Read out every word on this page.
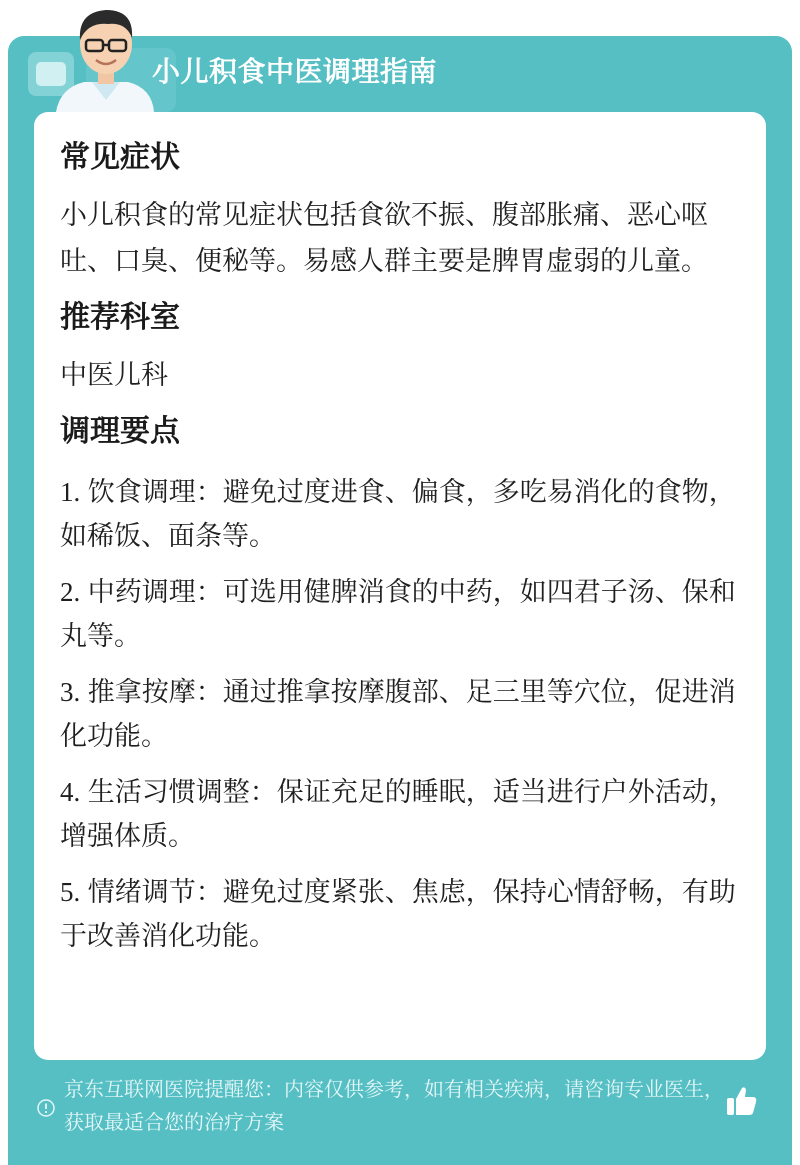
小儿积食中医调理指南
常见症状

小儿积食的常见症状包括食欲不振、腹部胀痛、恶心呕吐、口臭、便秘等。易感人群主要是脾胃虚弱的儿童。

推荐科室

中医儿科

调理要点

1. 饮食调理：避免过度进食、偏食，多吃易消化的食物，如稀饭、面条等。

2. 中药调理：可选用健脾消食的中药，如四君子汤、保和丸等。

3. 推拿按摩：通过推拿按摩腹部、足三里等穴位，促进消化功能。

4. 生活习惯调整：保证充足的睡眠，适当进行户外活动，增强体质。

5. 情绪调节：避免过度紧张、焦虑，保持心情舒畅，有助于改善消化功能。

京东互联网医院提醒您：内容仅供参考，如有相关疾病，请咨询专业医生，获取最适合您的治疗方案
